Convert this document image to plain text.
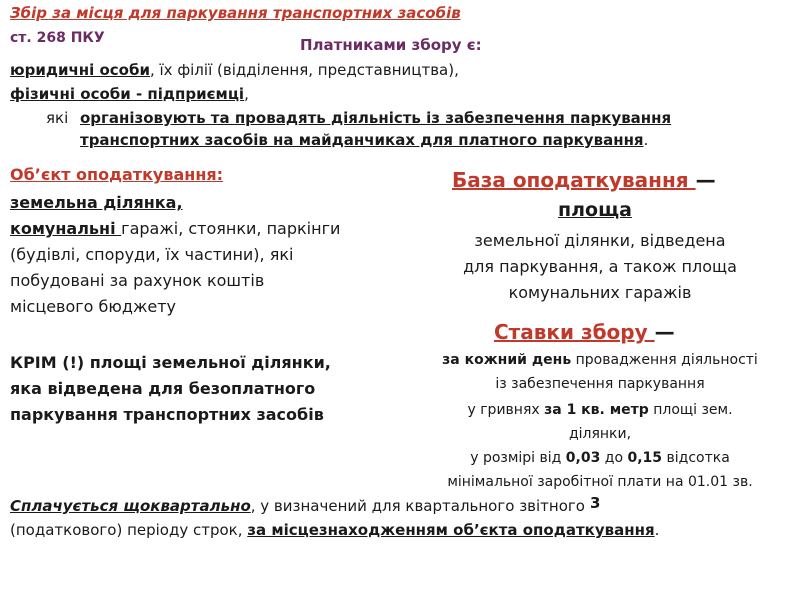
Збір за місця для паркування транспортних засобів
ст. 268 ПКУ	Платниками збору є:
юридичні особи, їх філії (відділення, представництва),
фізичні особи - підприємці,
які організовують та провадять діяльність із забезпечення паркування
транспортних засобів на майданчиках для платного паркування.
Об’єкт оподаткування:
земельна ділянка,
комунальні гаражі, стоянки, паркінги
(будівлі, споруди, їх частини), які
побудовані за рахунок коштів
місцевого бюджету
КРІМ (!) площі земельної ділянки,
яка відведена для безоплатного
паркування транспортних засобів
База оподаткування —
площа
земельної ділянки, відведена
для паркування, а також площа
комунальних гаражів
Ставки збору —
за кожний день провадження діяльності
із забезпечення паркування
у гривнях за 1 кв. метр площі зем.
ділянки,
у розмірі від 0,03 до 0,15 відсотка
мінімальної заробітної плати на 01.01 зв.
Сплачується щоквартально, у визначений для квартального звітного 3
(податкового) періоду строк, за місцезнаходженням об’єкта оподаткування.
